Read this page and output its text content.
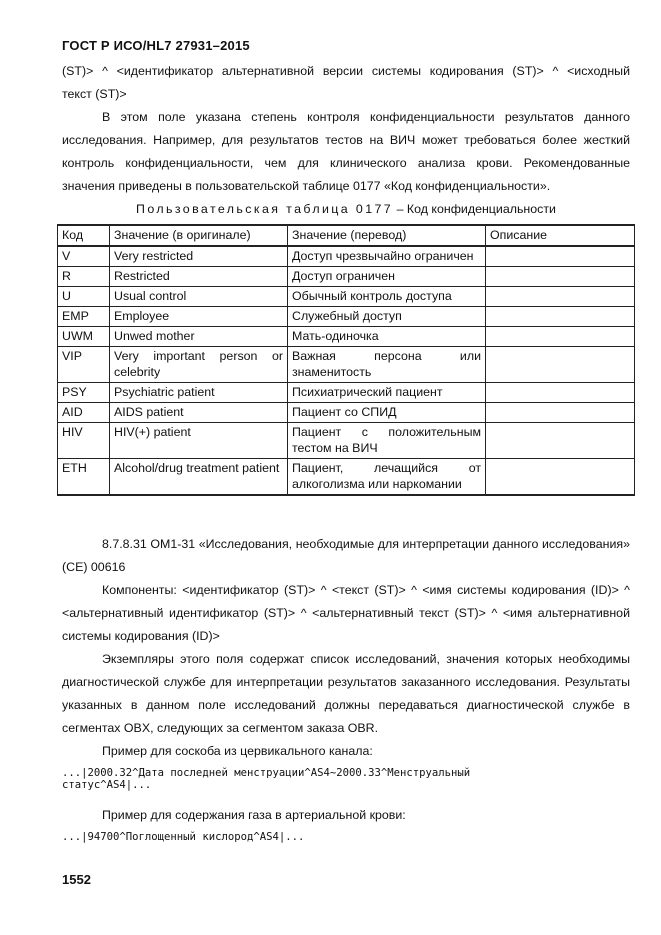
ГОСТ Р ИСО/HL7 27931–2015
(ST)> ^ <идентификатор альтернативной версии системы кодирования (ST)> ^ <исходный
текст (ST)>
В этом поле указана степень контроля конфиденциальности результатов данного исследования. Например, для результатов тестов на ВИЧ может требоваться более жесткий контроль конфиденциальности, чем для клинического анализа крови. Рекомендованные значения приведены в пользовательской таблице 0177 «Код конфиденциальности».
Пользовательская таблица 0177 – Код конфиденциальности
Код	Значение (в оригинале)	Значение (перевод)	Описание
V	Very restricted	Доступ чрезвычайно ограничен	
R	Restricted	Доступ ограничен	
U	Usual control	Обычный контроль доступа	
EMP	Employee	Служебный доступ	
UWM	Unwed mother	Мать-одиночка	
VIP	Very important person or celebrity	Важная персона или знаменитость	
PSY	Psychiatric patient	Психиатрический пациент	
AID	AIDS patient	Пациент со СПИД	
HIV	HIV(+) patient	Пациент с положительным тестом на ВИЧ	
ETH	Alcohol/drug treatment patient	Пациент, лечащийся от алкоголизма или наркомании	
8.7.8.31 OM1-31 «Исследования, необходимые для интерпретации данного исследования» (CE) 00616
Компоненты: <идентификатор (ST)> ^ <текст (ST)> ^ <имя системы кодирования (ID)> ^ <альтернативный идентификатор (ST)> ^ <альтернативный текст (ST)> ^ <имя альтернативной системы кодирования (ID)>
Экземпляры этого поля содержат список исследований, значения которых необходимы диагностической службе для интерпретации результатов заказанного исследования. Результаты указанных в данном поле исследований должны передаваться диагностической службе в сегментах OBX, следующих за сегментом заказа OBR.
Пример для соскоба из цервикального канала:
...|2000.32^Дата последней менструации^AS4~2000.33^Менструальный
статус^AS4|...
Пример для содержания газа в артериальной крови:
...|94700^Поглощенный кислород^AS4|...
1552
